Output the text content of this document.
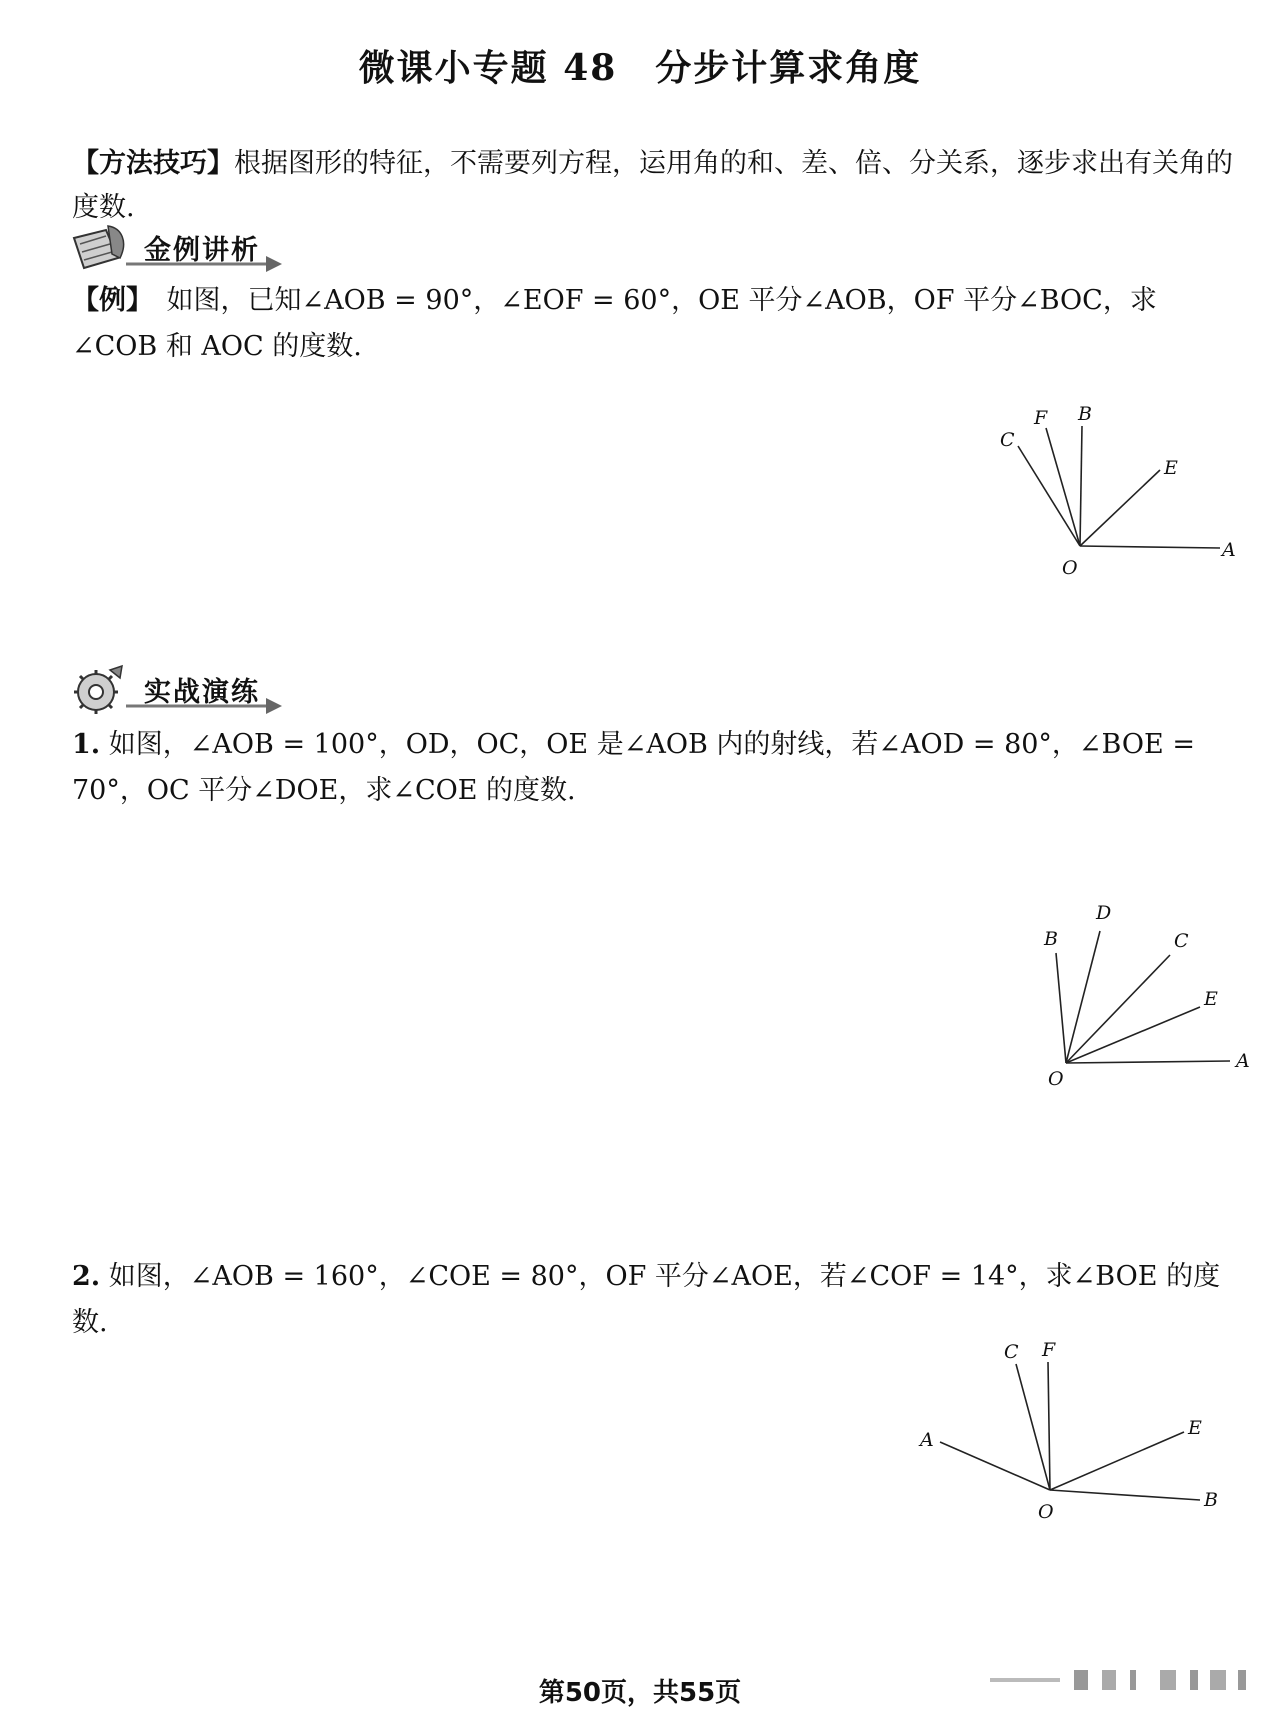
微课小专题 48　分步计算求角度
【方法技巧】根据图形的特征，不需要列方程，运用角的和、差、倍、分关系，逐步求出有关角的度数.
金例讲析
【例】　如图，已知∠AOB = 90°，∠EOF = 60°，OE 平分∠AOB，OF 平分∠BOC，求∠COB 和 AOC 的度数.
C
F B
E
O
A
实战演练
1. 如图，∠AOB = 100°，OD，OC，OE 是∠AOB 内的射线，若∠AOD = 80°，∠BOE = 70°，OC 平分∠DOE，求∠COE 的度数.
B
D
C
E
O
A
2. 如图，∠AOB = 160°，∠COE = 80°，OF 平分∠AOE，若∠COF = 14°，求∠BOE 的度数.
C F
A
E
O
B
第50页，共55页
